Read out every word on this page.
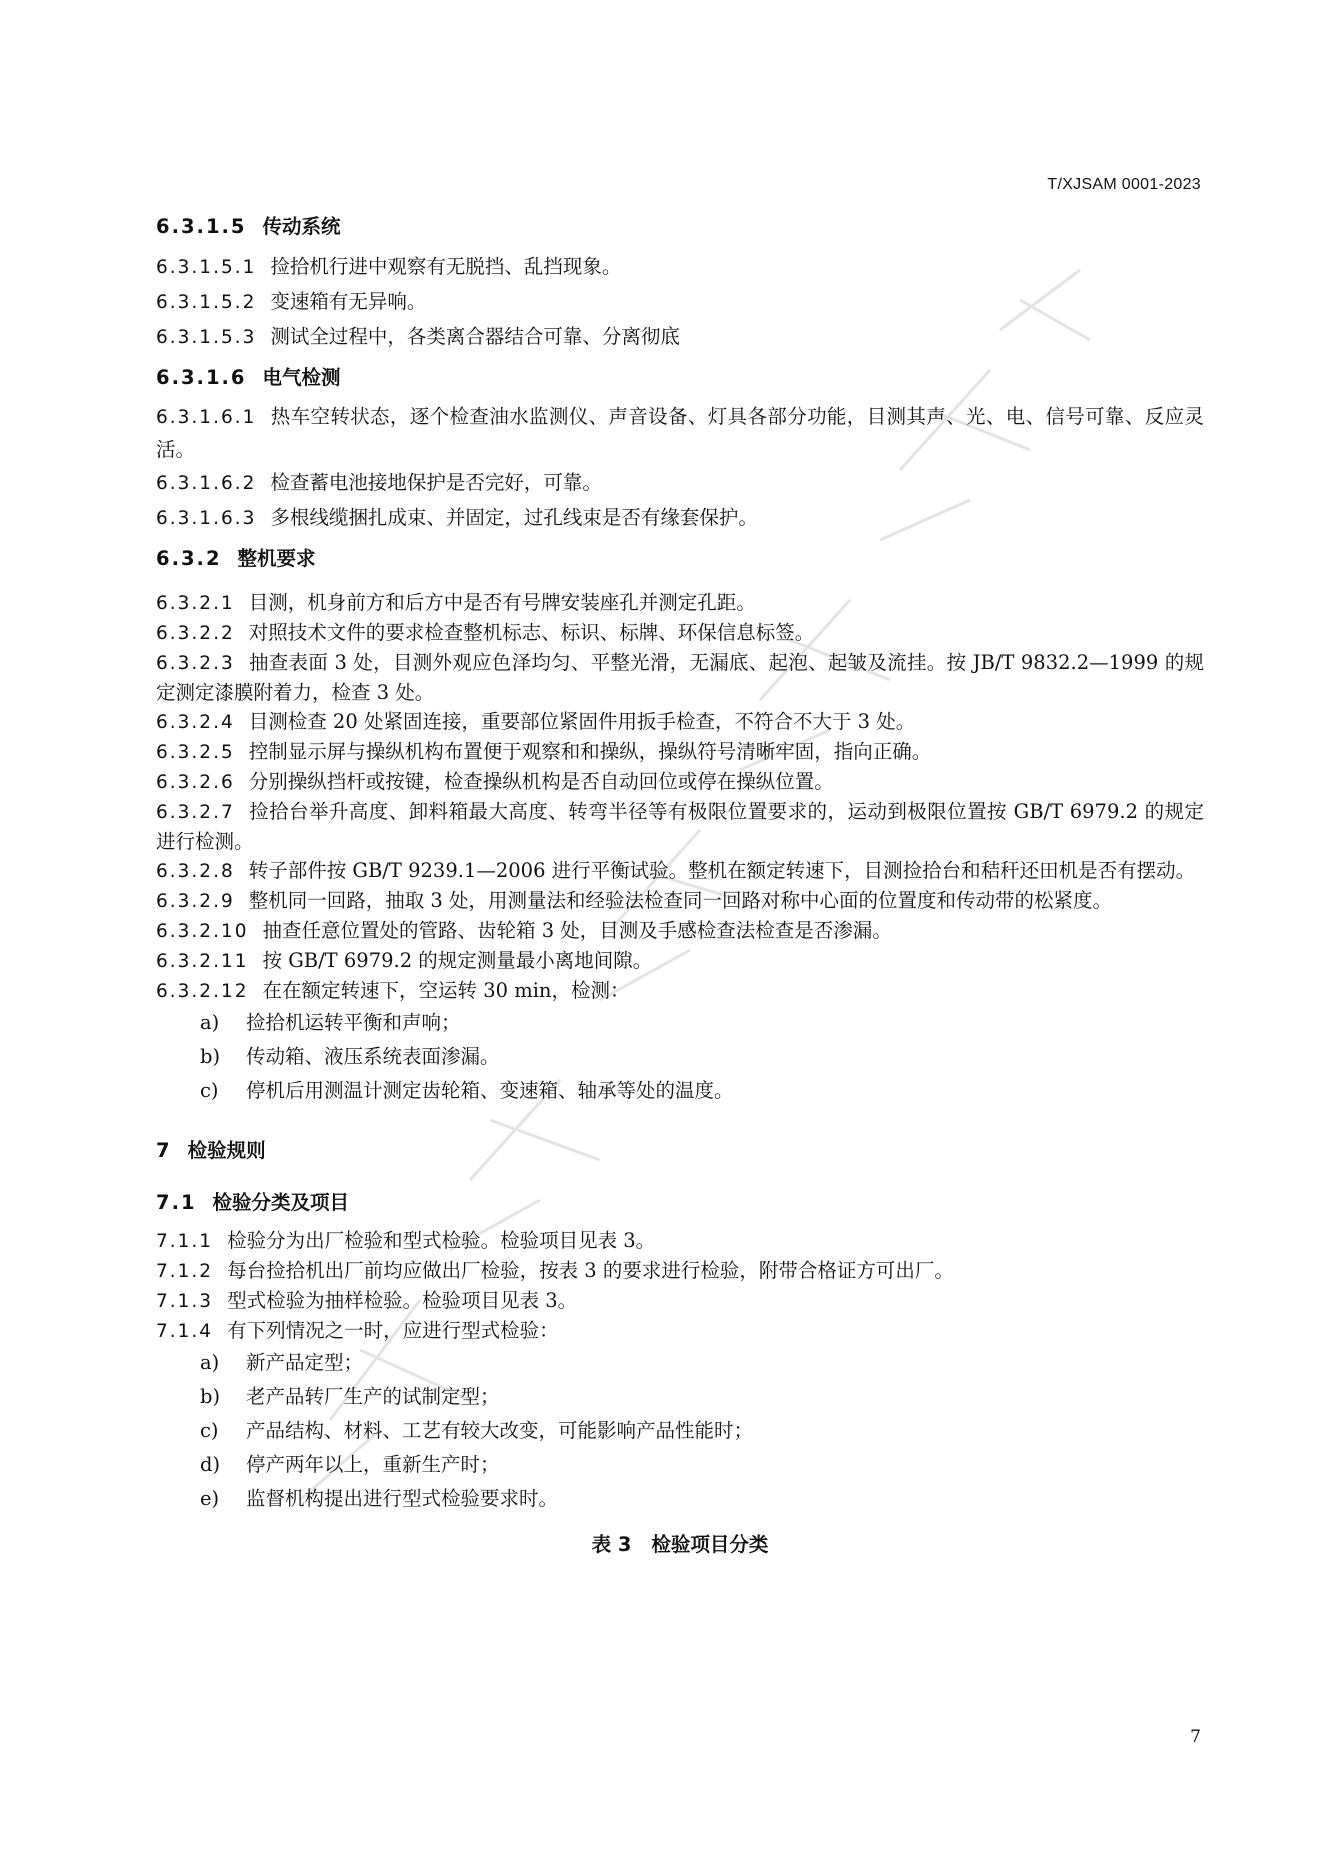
T/XJSAM 0001-2023

6.3.1.5 传动系统

6.3.1.5.1 捡拾机行进中观察有无脱挡、乱挡现象。

6.3.1.5.2 变速箱有无异响。

6.3.1.5.3 测试全过程中，各类离合器结合可靠、分离彻底

6.3.1.6 电气检测

6.3.1.6.1 热车空转状态，逐个检查油水监测仪、声音设备、灯具各部分功能，目测其声、光、电、信号可靠、反应灵活。

6.3.1.6.2 检查蓄电池接地保护是否完好，可靠。

6.3.1.6.3 多根线缆捆扎成束、并固定，过孔线束是否有缘套保护。

6.3.2 整机要求

6.3.2.1 目测，机身前方和后方中是否有号牌安装座孔并测定孔距。

6.3.2.2 对照技术文件的要求检查整机标志、标识、标牌、环保信息标签。

6.3.2.3 抽查表面 3 处，目测外观应色泽均匀、平整光滑，无漏底、起泡、起皱及流挂。按 JB/T 9832.2—1999 的规定测定漆膜附着力，检查 3 处。

6.3.2.4 目测检查 20 处紧固连接，重要部位紧固件用扳手检查，不符合不大于 3 处。

6.3.2.5 控制显示屏与操纵机构布置便于观察和和操纵，操纵符号清晰牢固，指向正确。

6.3.2.6 分别操纵挡杆或按键，检查操纵机构是否自动回位或停在操纵位置。

6.3.2.7 捡拾台举升高度、卸料箱最大高度、转弯半径等有极限位置要求的，运动到极限位置按 GB/T 6979.2 的规定进行检测。

6.3.2.8 转子部件按 GB/T 9239.1—2006 进行平衡试验。整机在额定转速下，目测捡拾台和秸秆还田机是否有摆动。

6.3.2.9 整机同一回路，抽取 3 处，用测量法和经验法检查同一回路对称中心面的位置度和传动带的松紧度。

6.3.2.10 抽查任意位置处的管路、齿轮箱 3 处，目测及手感检查法检查是否渗漏。

6.3.2.11 按 GB/T 6979.2 的规定测量最小离地间隙。

6.3.2.12 在在额定转速下，空运转 30 min，检测：

a) 捡拾机运转平衡和声响；

b) 传动箱、液压系统表面渗漏。

c) 停机后用测温计测定齿轮箱、变速箱、轴承等处的温度。

7 检验规则

7.1 检验分类及项目

7.1.1 检验分为出厂检验和型式检验。检验项目见表 3。

7.1.2 每台捡拾机出厂前均应做出厂检验，按表 3 的要求进行检验，附带合格证方可出厂。

7.1.3 型式检验为抽样检验。检验项目见表 3。

7.1.4 有下列情况之一时，应进行型式检验：

a) 新产品定型；

b) 老产品转厂生产的试制定型；

c) 产品结构、材料、工艺有较大改变，可能影响产品性能时；

d) 停产两年以上，重新生产时；

e) 监督机构提出进行型式检验要求时。

表 3 检验项目分类

7
